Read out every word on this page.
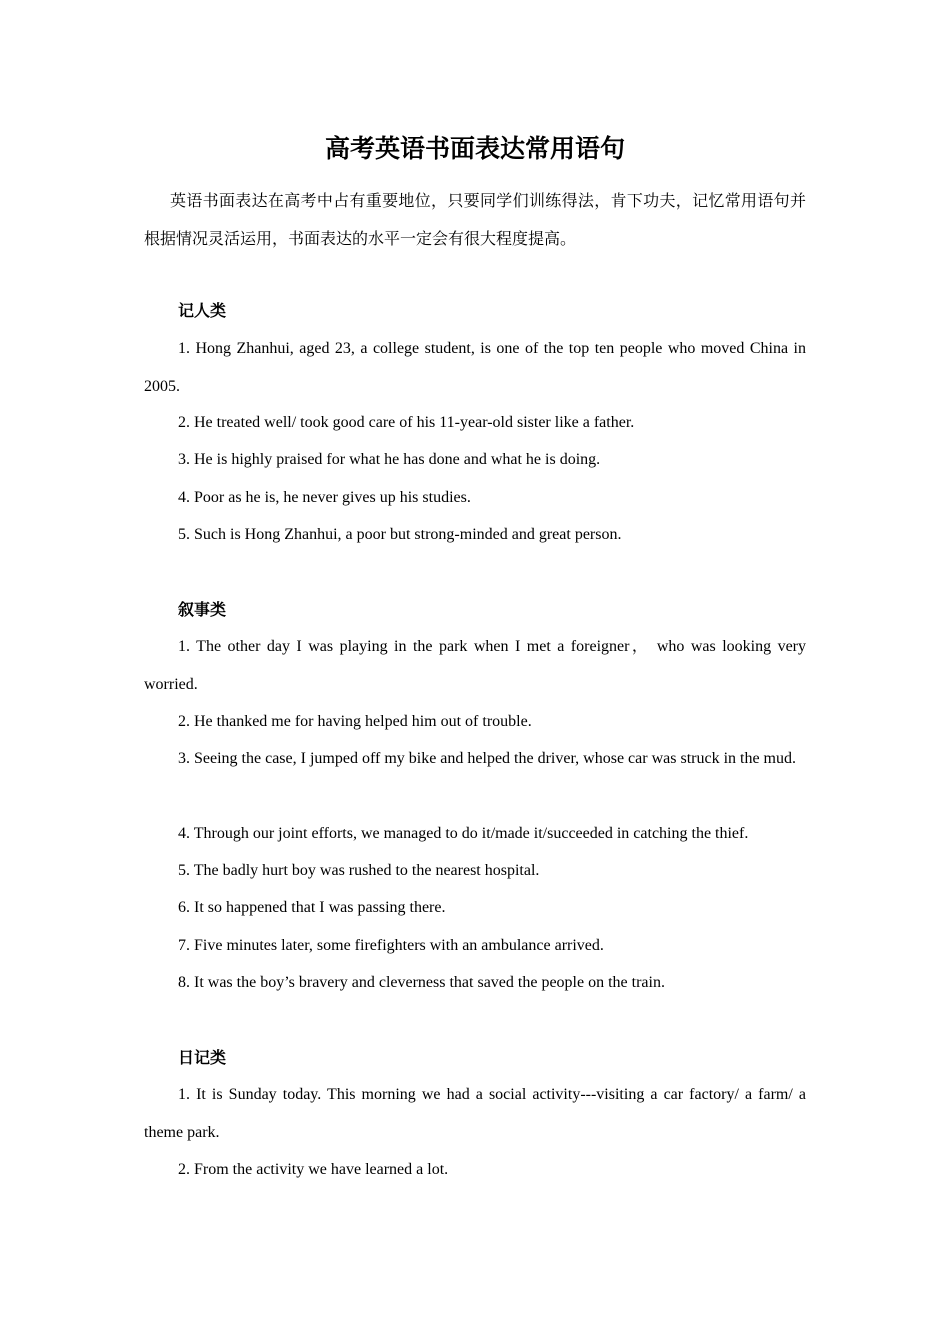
高考英语书面表达常用语句
英语书面表达在高考中占有重要地位，只要同学们训练得法，肯下功夫，记忆常用语句并根据情况灵活运用，书面表达的水平一定会有很大程度提高。
记人类
1. Hong Zhanhui, aged 23, a college student, is one of the top ten people who moved China in 2005.
2. He treated well/ took good care of his 11-year-old sister like a father.
3. He is highly praised for what he has done and what he is doing.
4. Poor as he is, he never gives up his studies.
5. Such is Hong Zhanhui, a poor but strong-minded and great person.
叙事类
1. The other day I was playing in the park when I met a foreigner， who was looking very worried.
2. He thanked me for having helped him out of trouble.
3. Seeing the case, I jumped off my bike and helped the driver, whose car was struck in the mud.
4. Through our joint efforts, we managed to do it/made it/succeeded in catching the thief.
5. The badly hurt boy was rushed to the nearest hospital.
6. It so happened that I was passing there.
7. Five minutes later, some firefighters with an ambulance arrived.
8. It was the boy’s bravery and cleverness that saved the people on the train.
日记类
1. It is Sunday today. This morning we had a social activity---visiting a car factory/ a farm/ a theme park.
2. From the activity we have learned a lot.
